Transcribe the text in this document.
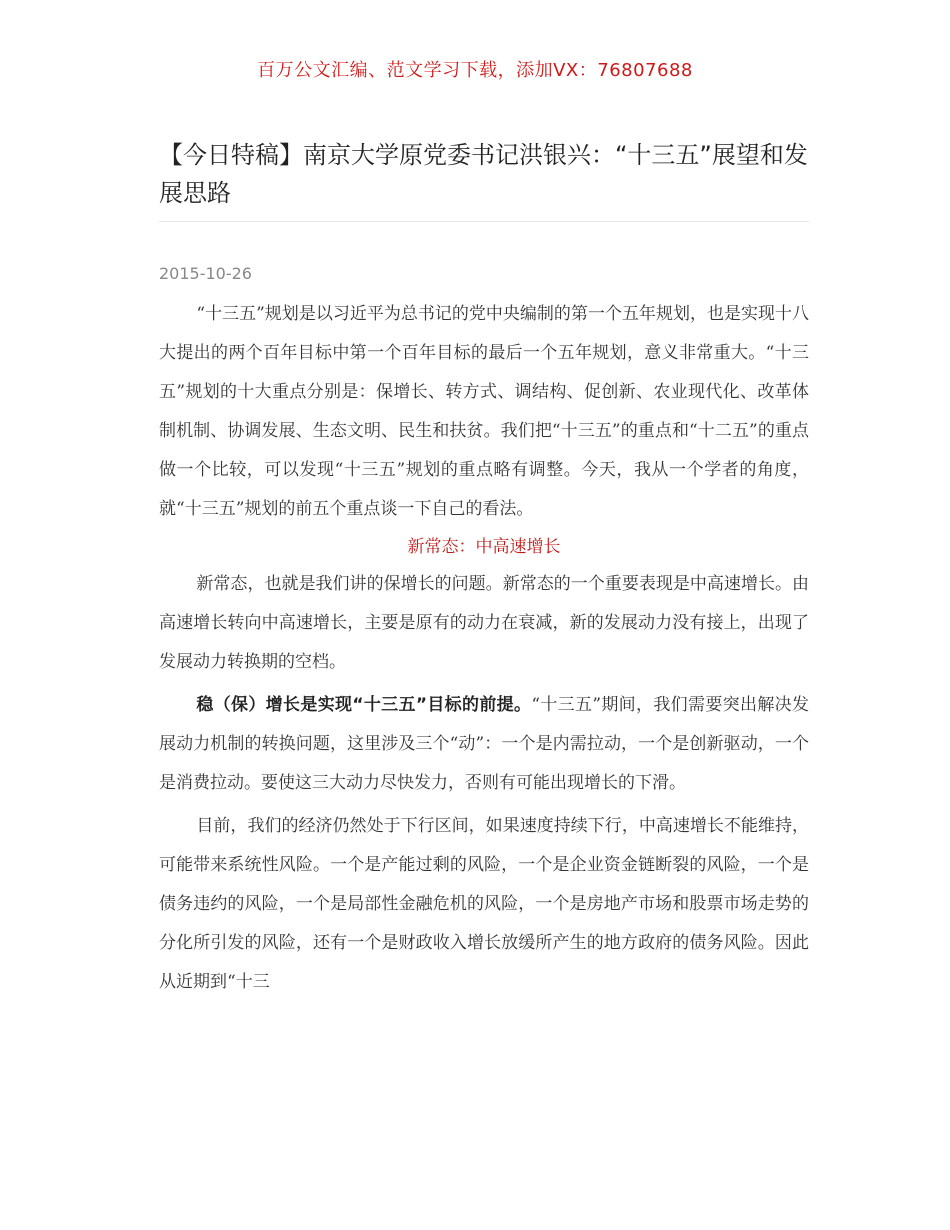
百万公文汇编、范文学习下载，添加VX：76807688
【今日特稿】南京大学原党委书记洪银兴：“十三五”展望和发展思路
2015-10-26

“十三五”规划是以习近平为总书记的党中央编制的第一个五年规划，也是实现十八大提出的两个百年目标中第一个百年目标的最后一个五年规划，意义非常重大。“十三五”规划的十大重点分别是：保增长、转方式、调结构、促创新、农业现代化、改革体制机制、协调发展、生态文明、民生和扶贫。我们把“十三五”的重点和“十二五”的重点做一个比较，可以发现“十三五”规划的重点略有调整。今天，我从一个学者的角度，就“十三五”规划的前五个重点谈一下自己的看法。

新常态：中高速增长

新常态，也就是我们讲的保增长的问题。新常态的一个重要表现是中高速增长。由高速增长转向中高速增长，主要是原有的动力在衰减，新的发展动力没有接上，出现了发展动力转换期的空档。

稳（保）增长是实现“十三五”目标的前提。“十三五”期间，我们需要突出解决发展动力机制的转换问题，这里涉及三个“动”：一个是内需拉动，一个是创新驱动，一个是消费拉动。要使这三大动力尽快发力，否则有可能出现增长的下滑。

目前，我们的经济仍然处于下行区间，如果速度持续下行，中高速增长不能维持，可能带来系统性风险。一个是产能过剩的风险，一个是企业资金链断裂的风险，一个是债务违约的风险，一个是局部性金融危机的风险，一个是房地产市场和股票市场走势的分化所引发的风险，还有一个是财政收入增长放缓所产生的地方政府的债务风险。因此从近期到“十三
